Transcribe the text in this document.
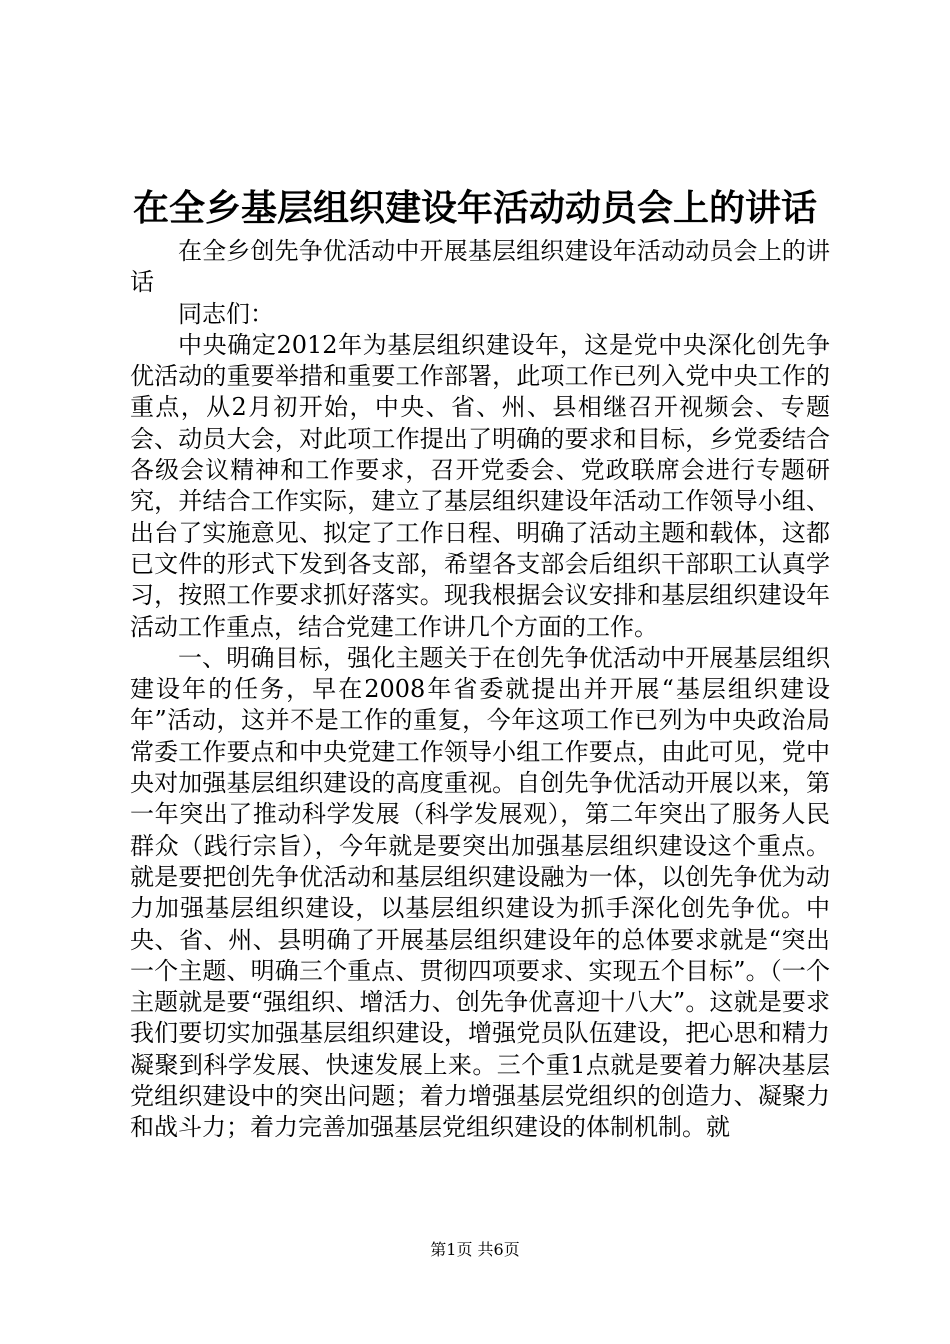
在全乡基层组织建设年活动动员会上的讲话

在全乡创先争优活动中开展基层组织建设年活动动员会上的讲话

同志们：

中央确定2012年为基层组织建设年，这是党中央深化创先争优活动的重要举措和重要工作部署，此项工作已列入党中央工作的重点，从2月初开始，中央、省、州、县相继召开视频会、专题会、动员大会，对此项工作提出了明确的要求和目标，乡党委结合各级会议精神和工作要求，召开党委会、党政联席会进行专题研究，并结合工作实际，建立了基层组织建设年活动工作领导小组、出台了实施意见、拟定了工作日程、明确了活动主题和载体，这都已文件的形式下发到各支部，希望各支部会后组织干部职工认真学习，按照工作要求抓好落实。现我根据会议安排和基层组织建设年活动工作重点，结合党建工作讲几个方面的工作。

一、明确目标，强化主题关于在创先争优活动中开展基层组织建设年的任务，早在2008年省委就提出并开展“基层组织建设年”活动，这并不是工作的重复，今年这项工作已列为中央政治局常委工作要点和中央党建工作领导小组工作要点，由此可见，党中央对加强基层组织建设的高度重视。自创先争优活动开展以来，第一年突出了推动科学发展（科学发展观），第二年突出了服务人民群众（践行宗旨），今年就是要突出加强基层组织建设这个重点。就是要把创先争优活动和基层组织建设融为一体，以创先争优为动力加强基层组织建设，以基层组织建设为抓手深化创先争优。中央、省、州、县明确了开展基层组织建设年的总体要求就是“突出一个主题、明确三个重点、贯彻四项要求、实现五个目标”。（一个主题就是要“强组织、增活力、创先争优喜迎十八大”。这就是要求我们要切实加强基层组织建设，增强党员队伍建设，把心思和精力凝聚到科学发展、快速发展上来。三个重1点就是要着力解决基层党组织建设中的突出问题；着力增强基层党组织的创造力、凝聚力和战斗力；着力完善加强基层党组织建设的体制机制。就

第1页 共6页
